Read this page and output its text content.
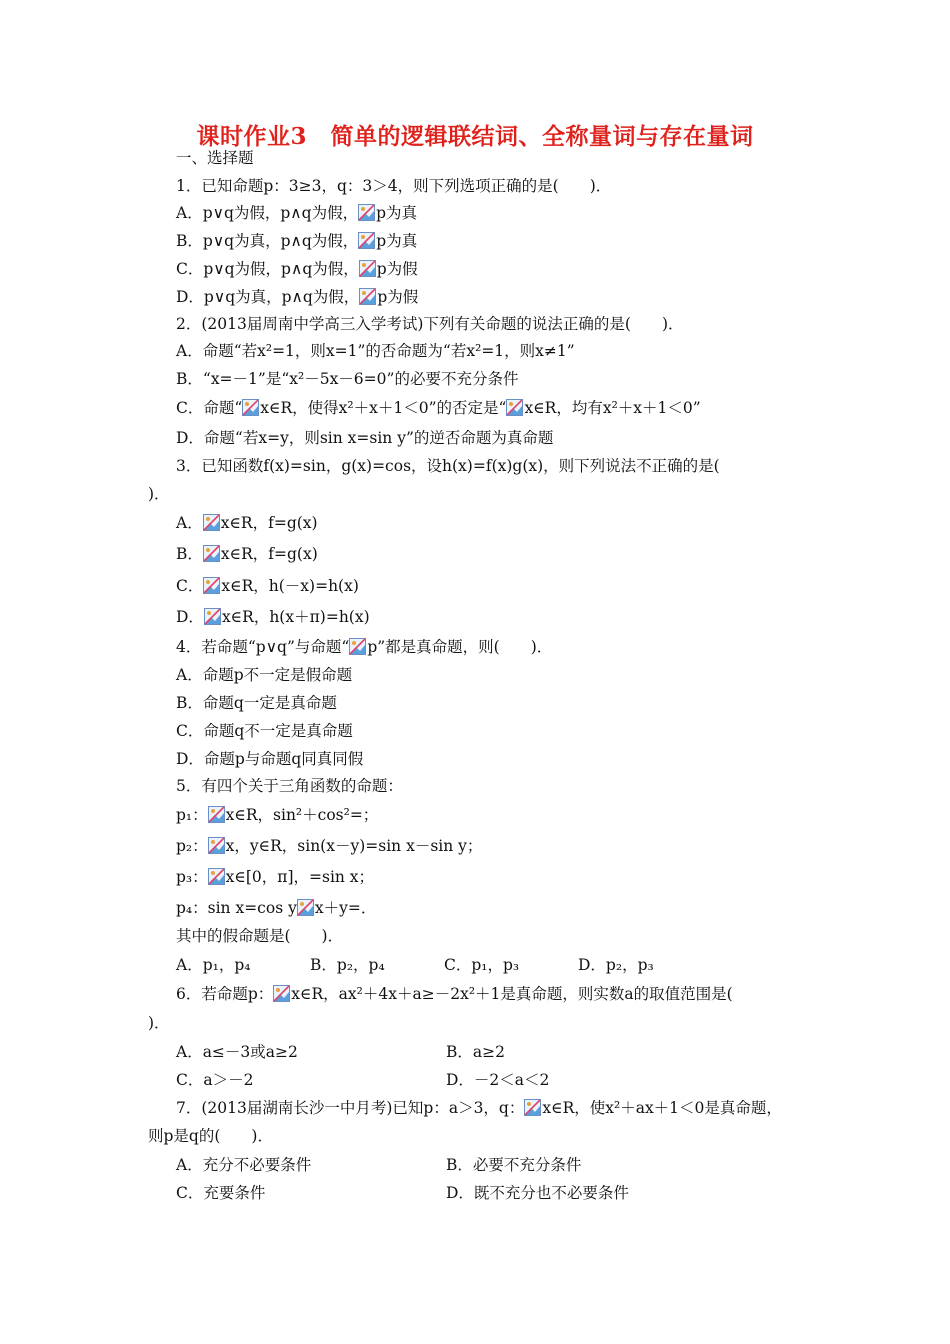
课时作业3　简单的逻辑联结词、全称量词与存在量词
一、选择题
1．已知命题p：3≥3，q：3＞4，则下列选项正确的是(　　)．
A．p∨q为假，p∧q为假， p为真
B．p∨q为真，p∧q为假， p为真
C．p∨q为假，p∧q为假， p为假
D．p∨q为真，p∧q为假， p为假
2．(2013届周南中学高三入学考试)下列有关命题的说法正确的是(　　)．
A．命题“若x²=1，则x=1”的否命题为“若x²=1，则x≠1”
B．“x=－1”是“x²－5x－6=0”的必要不充分条件
C．命题“ x∈R，使得x²＋x＋1＜0”的否定是“ x∈R，均有x²＋x＋1＜0”
D．命题“若x=y，则sin x=sin y”的逆否命题为真命题
3．已知函数f(x)=sin，g(x)=cos，设h(x)=f(x)g(x)，则下列说法不正确的是(
)．
A． x∈R，f=g(x)
B． x∈R，f=g(x)
C． x∈R，h(－x)=h(x)
D． x∈R，h(x＋π)=h(x)
4．若命题“p∨q”与命题“ p”都是真命题，则(　　)．
A．命题p不一定是假命题
B．命题q一定是真命题
C．命题q不一定是真命题
D．命题p与命题q同真同假
5．有四个关于三角函数的命题：
p₁： x∈R，sin²＋cos²=；
p₂： x，y∈R，sin(x－y)=sin x－sin y；
p₃： x∈[0，π]，=sin x；
p₄：sin x=cos y x＋y=．
其中的假命题是(　　)．
A．p₁，p₄	B．p₂，p₄	C．p₁，p₃	D．p₂，p₃
6．若命题p： x∈R，ax²＋4x＋a≥－2x²＋1是真命题，则实数a的取值范围是(
)．
A．a≤－3或a≥2	B．a≥2
C．a＞－2	D．－2＜a＜2
7．(2013届湖南长沙一中月考)已知p：a＞3，q： x∈R，使x²＋ax＋1＜0是真命题，
则p是q的(　　)．
A．充分不必要条件	B．必要不充分条件
C．充要条件	D．既不充分也不必要条件
